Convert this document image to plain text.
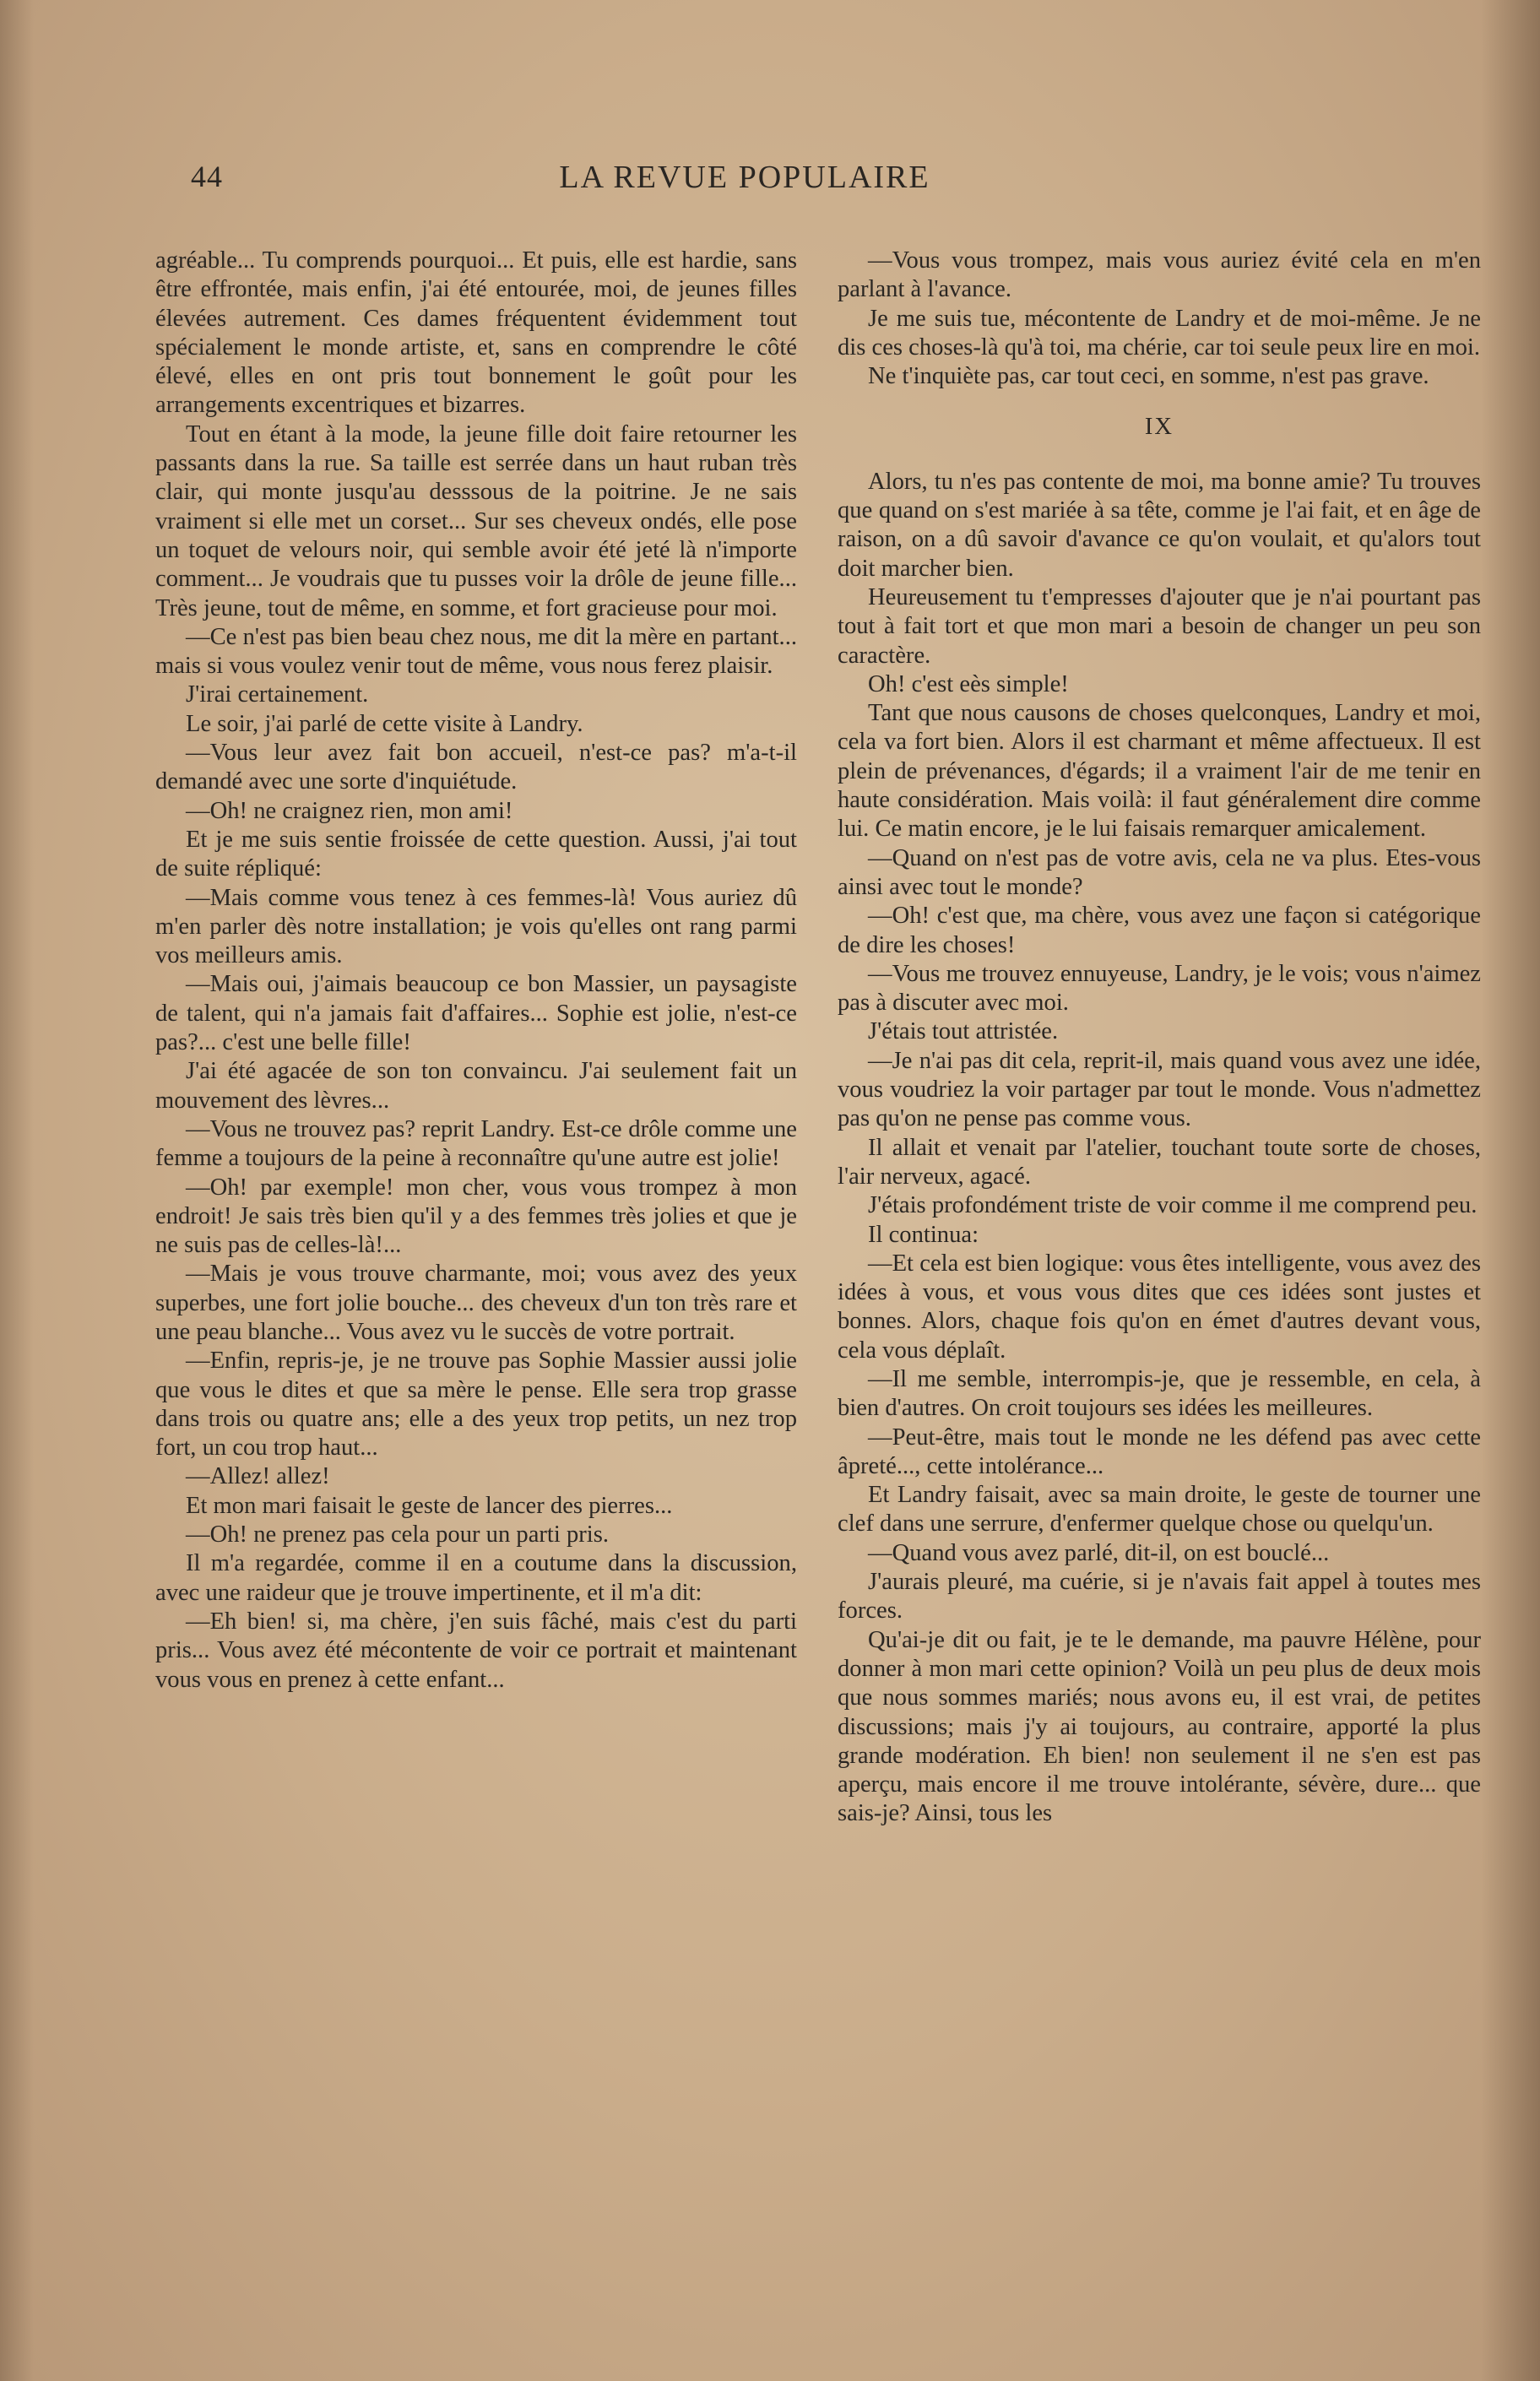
44	LA REVUE POPULAIRE

agréable... Tu comprends pourquoi... Et puis, elle est hardie, sans être effrontée, mais enfin, j'ai été entourée, moi, de jeunes filles élevées autrement. Ces dames fréquentent évidemment tout spécialement le monde artiste, et, sans en comprendre le côté élevé, elles en ont pris tout bonnement le goût pour les arrangements excentriques et bizarres.

Tout en étant à la mode, la jeune fille doit faire retourner les passants dans la rue. Sa taille est serrée dans un haut ruban très clair, qui monte jusqu'au desssous de la poitrine. Je ne sais vraiment si elle met un corset... Sur ses cheveux ondés, elle pose un toquet de velours noir, qui semble avoir été jeté là n'importe comment... Je voudrais que tu pusses voir la drôle de jeune fille... Très jeune, tout de même, en somme, et fort gracieuse pour moi.

—Ce n'est pas bien beau chez nous, me dit la mère en partant... mais si vous voulez venir tout de même, vous nous ferez plaisir.

J'irai certainement.

Le soir, j'ai parlé de cette visite à Landry.

—Vous leur avez fait bon accueil, n'est-ce pas? m'a-t-il demandé avec une sorte d'inquiétude.

—Oh! ne craignez rien, mon ami!

Et je me suis sentie froissée de cette question. Aussi, j'ai tout de suite répliqué:

—Mais comme vous tenez à ces femmes-là! Vous auriez dû m'en parler dès notre installation; je vois qu'elles ont rang parmi vos meilleurs amis.

—Mais oui, j'aimais beaucoup ce bon Massier, un paysagiste de talent, qui n'a jamais fait d'affaires... Sophie est jolie, n'est-ce pas?... c'est une belle fille!

J'ai été agacée de son ton convaincu. J'ai seulement fait un mouvement des lèvres...

—Vous ne trouvez pas? reprit Landry. Est-ce drôle comme une femme a toujours de la peine à reconnaître qu'une autre est jolie!

—Oh! par exemple! mon cher, vous vous trompez à mon endroit! Je sais très bien qu'il y a des femmes très jolies et que je ne suis pas de celles-là!...

—Mais je vous trouve charmante, moi; vous avez des yeux superbes, une fort jolie bouche... des cheveux d'un ton très rare et une peau blanche... Vous avez vu le succès de votre portrait.

—Enfin, repris-je, je ne trouve pas Sophie Massier aussi jolie que vous le dites et que sa mère le pense. Elle sera trop grasse dans trois ou quatre ans; elle a des yeux trop petits, un nez trop fort, un cou trop haut...

—Allez! allez!

Et mon mari faisait le geste de lancer des pierres...

—Oh! ne prenez pas cela pour un parti pris.

Il m'a regardée, comme il en a coutume dans la discussion, avec une raideur que je trouve impertinente, et il m'a dit:

—Eh bien! si, ma chère, j'en suis fâché, mais c'est du parti pris... Vous avez été mécontente de voir ce portrait et maintenant vous vous en prenez à cette enfant...

—Vous vous trompez, mais vous auriez évité cela en m'en parlant à l'avance.

Je me suis tue, mécontente de Landry et de moi-même. Je ne dis ces choses-là qu'à toi, ma chérie, car toi seule peux lire en moi.

Ne t'inquiète pas, car tout ceci, en somme, n'est pas grave.

IX

Alors, tu n'es pas contente de moi, ma bonne amie? Tu trouves que quand on s'est mariée à sa tête, comme je l'ai fait, et en âge de raison, on a dû savoir d'avance ce qu'on voulait, et qu'alors tout doit marcher bien.

Heureusement tu t'empresses d'ajouter que je n'ai pourtant pas tout à fait tort et que mon mari a besoin de changer un peu son caractère.

Oh! c'est eès simple!

Tant que nous causons de choses quelconques, Landry et moi, cela va fort bien. Alors il est charmant et même affectueux. Il est plein de prévenances, d'égards; il a vraiment l'air de me tenir en haute considération. Mais voilà: il faut généralement dire comme lui. Ce matin encore, je le lui faisais remarquer amicalement.

—Quand on n'est pas de votre avis, cela ne va plus. Etes-vous ainsi avec tout le monde?

—Oh! c'est que, ma chère, vous avez une façon si catégorique de dire les choses!

—Vous me trouvez ennuyeuse, Landry, je le vois; vous n'aimez pas à discuter avec moi.

J'étais tout attristée.

—Je n'ai pas dit cela, reprit-il, mais quand vous avez une idée, vous voudriez la voir partager par tout le monde. Vous n'admettez pas qu'on ne pense pas comme vous.

Il allait et venait par l'atelier, touchant toute sorte de choses, l'air nerveux, agacé.

J'étais profondément triste de voir comme il me comprend peu.

Il continua:

—Et cela est bien logique: vous êtes intelligente, vous avez des idées à vous, et vous vous dites que ces idées sont justes et bonnes. Alors, chaque fois qu'on en émet d'autres devant vous, cela vous déplaît.

—Il me semble, interrompis-je, que je ressemble, en cela, à bien d'autres. On croit toujours ses idées les meilleures.

—Peut-être, mais tout le monde ne les défend pas avec cette âpreté..., cette intolérance...

Et Landry faisait, avec sa main droite, le geste de tourner une clef dans une serrure, d'enfermer quelque chose ou quelqu'un.

—Quand vous avez parlé, dit-il, on est bouclé...

J'aurais pleuré, ma cuérie, si je n'avais fait appel à toutes mes forces.

Qu'ai-je dit ou fait, je te le demande, ma pauvre Hélène, pour donner à mon mari cette opinion? Voilà un peu plus de deux mois que nous sommes mariés; nous avons eu, il est vrai, de petites discussions; mais j'y ai toujours, au contraire, apporté la plus grande modération. Eh bien! non seulement il ne s'en est pas aperçu, mais encore il me trouve intolérante, sévère, dure... que sais-je? Ainsi, tous les
